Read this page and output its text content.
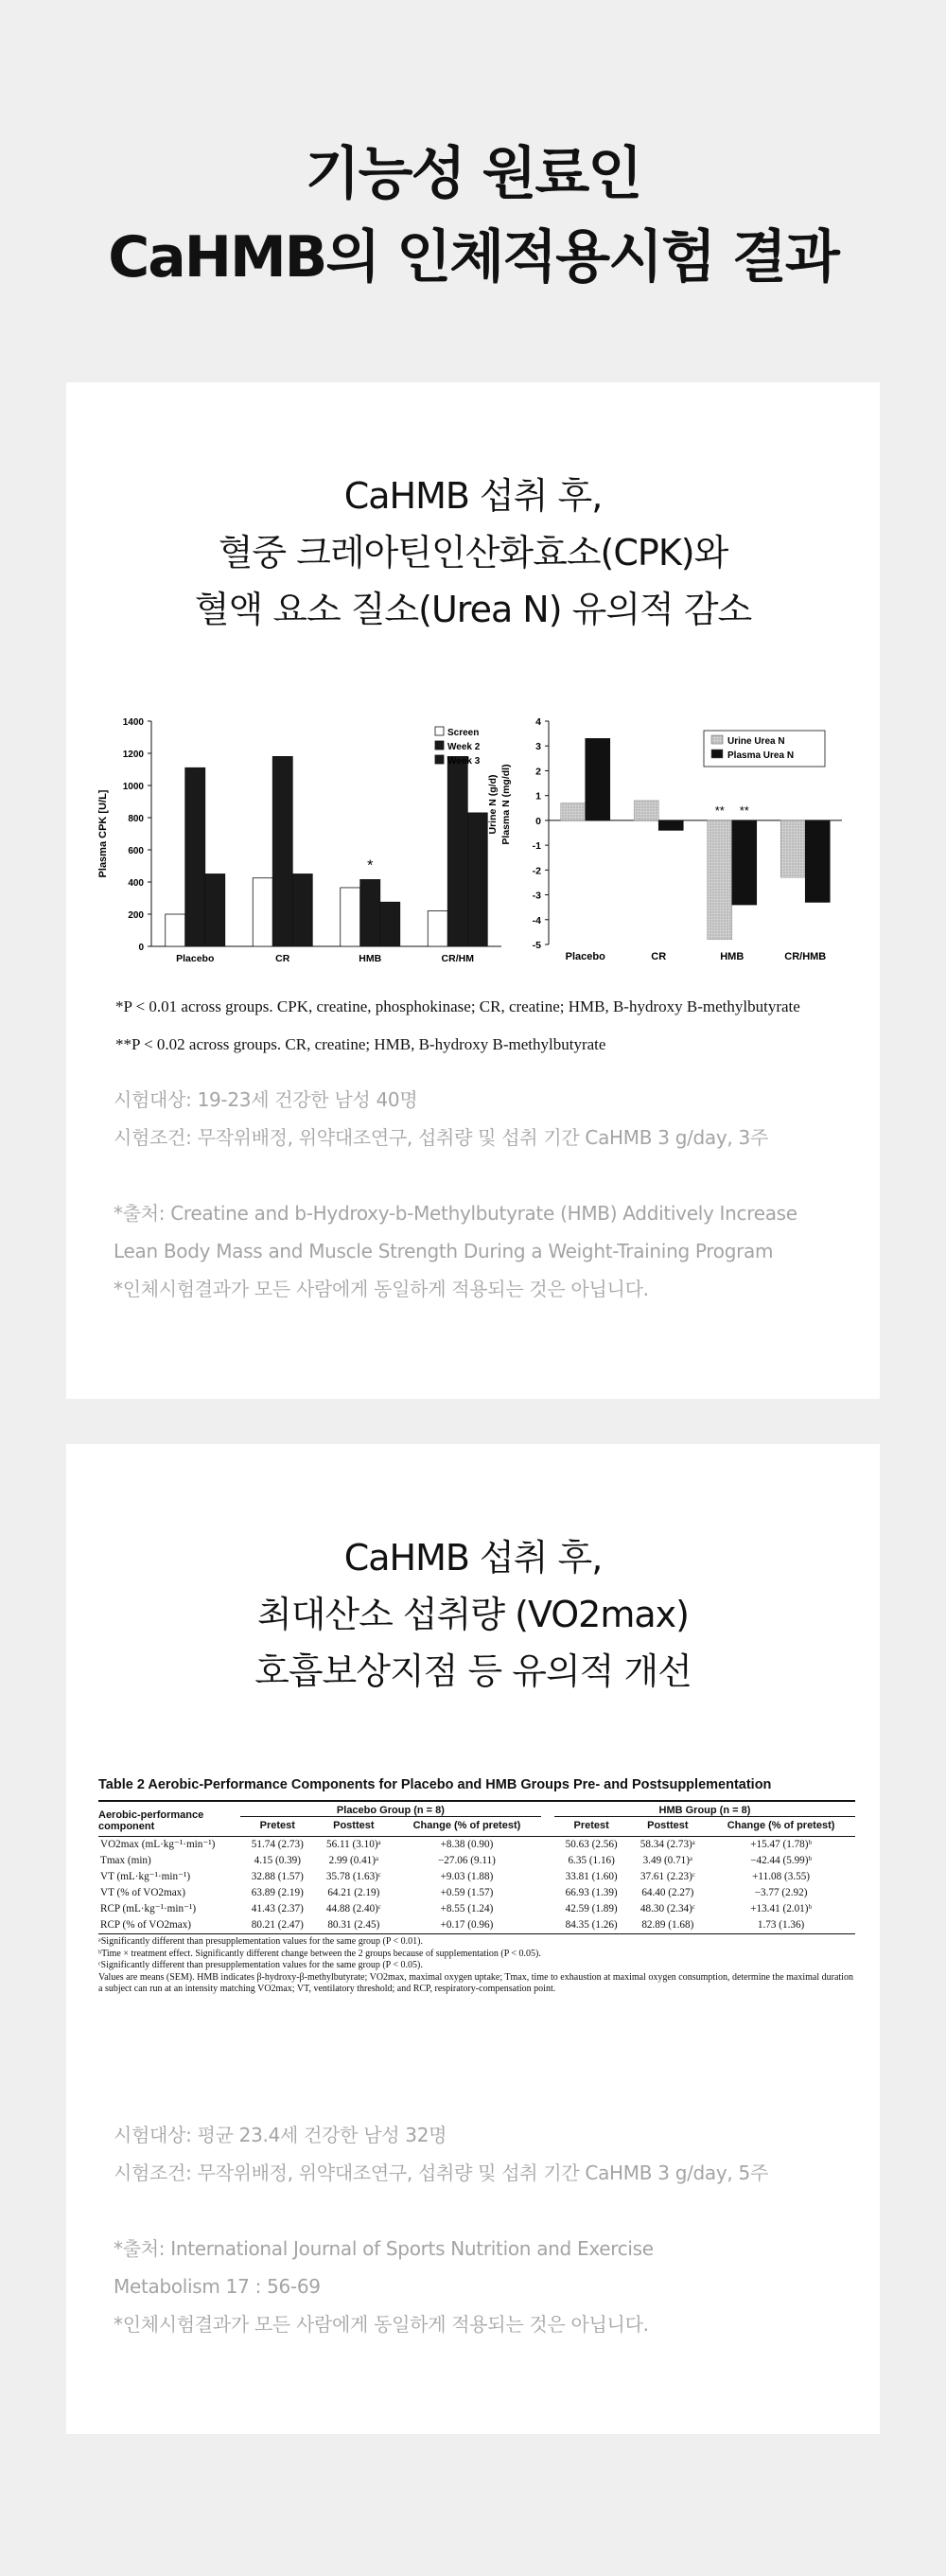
기능성 원료인
CaHMB의 인체적용시험 결과
CaHMB 섭취 후,
혈중 크레아틴인산화효소(CPK)와
혈액 요소 질소(Urea N) 유의적 감소
0
200
400
600
800
1000
1200
1400
Plasma CPK [U/L]
Placebo	CR	HMB	CR/HM
*
Screen
Week 2
Week 3
4
3
2
1
0
-1
-2
-3
-4
-5
Urine N (g/d) Plasma N (mg/dl)
Placebo	CR	HMB	CR/HMB
** **
Urine Urea N
Plasma Urea N
*P < 0.01 across groups. CPK, creatine, phosphokinase; CR, creatine; HMB, B-hydroxy B-methylbutyrate
**P < 0.02 across groups. CR, creatine; HMB, B-hydroxy B-methylbutyrate
시험대상: 19-23세 건강한 남성 40명
시험조건: 무작위배정, 위약대조연구, 섭취량 및 섭취 기간 CaHMB 3 g/day, 3주
*출처: Creatine and b-Hydroxy-b-Methylbutyrate (HMB) Additively Increase
Lean Body Mass and Muscle Strength During a Weight-Training Program
*인체시험결과가 모든 사람에게 동일하게 적용되는 것은 아닙니다.
CaHMB 섭취 후,
최대산소 섭취량 (VO2max)
호흡보상지점 등 유의적 개선
Table 2 Aerobic-Performance Components for Placebo and HMB Groups Pre- and Postsupplementation
Aerobic-performance component	Placebo Group (n = 8)				HMB Group (n = 8)		
	Pretest	Posttest	Change (% of pretest)		Pretest	Posttest	Change (% of pretest)
VO2max (mL·kg⁻¹·min⁻¹)	51.74 (2.73)	56.11 (3.10)ᵃ	+8.38 (0.90)		50.63 (2.56)	58.34 (2.73)ᵃ	+15.47 (1.78)ᵇ
Tmax (min)	4.15 (0.39)	2.99 (0.41)ᵃ	−27.06 (9.11)		6.35 (1.16)	3.49 (0.71)ᵃ	−42.44 (5.99)ᵇ
VT (mL·kg⁻¹·min⁻¹)	32.88 (1.57)	35.78 (1.63)ᶜ	+9.03 (1.88)		33.81 (1.60)	37.61 (2.23)ᶜ	+11.08 (3.55)
VT (% of VO2max)	63.89 (2.19)	64.21 (2.19)	+0.59 (1.57)		66.93 (1.39)	64.40 (2.27)	−3.77 (2.92)
RCP (mL·kg⁻¹·min⁻¹)	41.43 (2.37)	44.88 (2.40)ᶜ	+8.55 (1.24)		42.59 (1.89)	48.30 (2.34)ᶜ	+13.41 (2.01)ᵇ
RCP (% of VO2max)	80.21 (2.47)	80.31 (2.45)	+0.17 (0.96)		84.35 (1.26)	82.89 (1.68)	1.73 (1.36)
ᵃSignificantly different than presupplementation values for the same group (P < 0.01).
ᵇTime × treatment effect. Significantly different change between the 2 groups because of supplementation (P < 0.05).
ᶜSignificantly different than presupplementation values for the same group (P < 0.05).
Values are means (SEM). HMB indicates β-hydroxy-β-methylbutyrate; VO2max, maximal oxygen uptake; Tmax, time to exhaustion at maximal oxygen consumption, determine the maximal duration a subject can run at an intensity matching VO2max; VT, ventilatory threshold; and RCP, respiratory-compensation point.
시험대상: 평균 23.4세 건강한 남성 32명
시험조건: 무작위배정, 위약대조연구, 섭취량 및 섭취 기간 CaHMB 3 g/day, 5주
*출처: International Journal of Sports Nutrition and Exercise
Metabolism 17 : 56-69
*인체시험결과가 모든 사람에게 동일하게 적용되는 것은 아닙니다.
